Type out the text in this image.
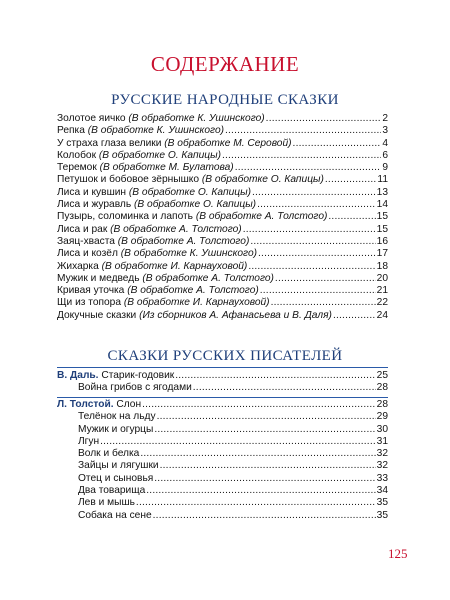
СОДЕРЖАНИЕ
РУССКИЕ НАРОДНЫЕ СКАЗКИ
Золотое яичко (В обработке К. Ушинского) .....	2
Репка (В обработке К. Ушинского) .....	3
У страха глаза велики (В обработке М. Серовой) .....	4
Колобок (В обработке О. Капицы) .....	6
Теремок (В обработке М. Булатова) .....	9
Петушок и бобовое зёрнышко (В обработке О. Капицы) .....	11
Лиса и кувшин (В обработке О. Капицы) .....	13
Лиса и журавль (В обработке О. Капицы) .....	14
Пузырь, соломинка и лапоть (В обработке А. Толстого) .....	15
Лиса и рак (В обработке А. Толстого) .....	15
Заяц-хваста (В обработке А. Толстого) .....	16
Лиса и козёл (В обработке К. Ушинского) .....	17
Жихарка (В обработке И. Карнауховой) .....	18
Мужик и медведь (В обработке А. Толстого) .....	20
Кривая уточка (В обработке А. Толстого) .....	21
Щи из топора (В обработке И. Карнауховой) .....	22
Докучные сказки (Из сборников А. Афанасьева и В. Даля) .....	24
СКАЗКИ РУССКИХ ПИСАТЕЛЕЙ
В. Даль. Старик-годовик .....	25
Война грибов с ягодами .....	28
Л. Толстой. Слон .....	28
Телёнок на льду .....	29
Мужик и огурцы .....	30
Лгун .....	31
Волк и белка .....	32
Зайцы и лягушки .....	32
Отец и сыновья .....	33
Два товарища .....	34
Лев и мышь .....	35
Собака на сене .....	35
125
